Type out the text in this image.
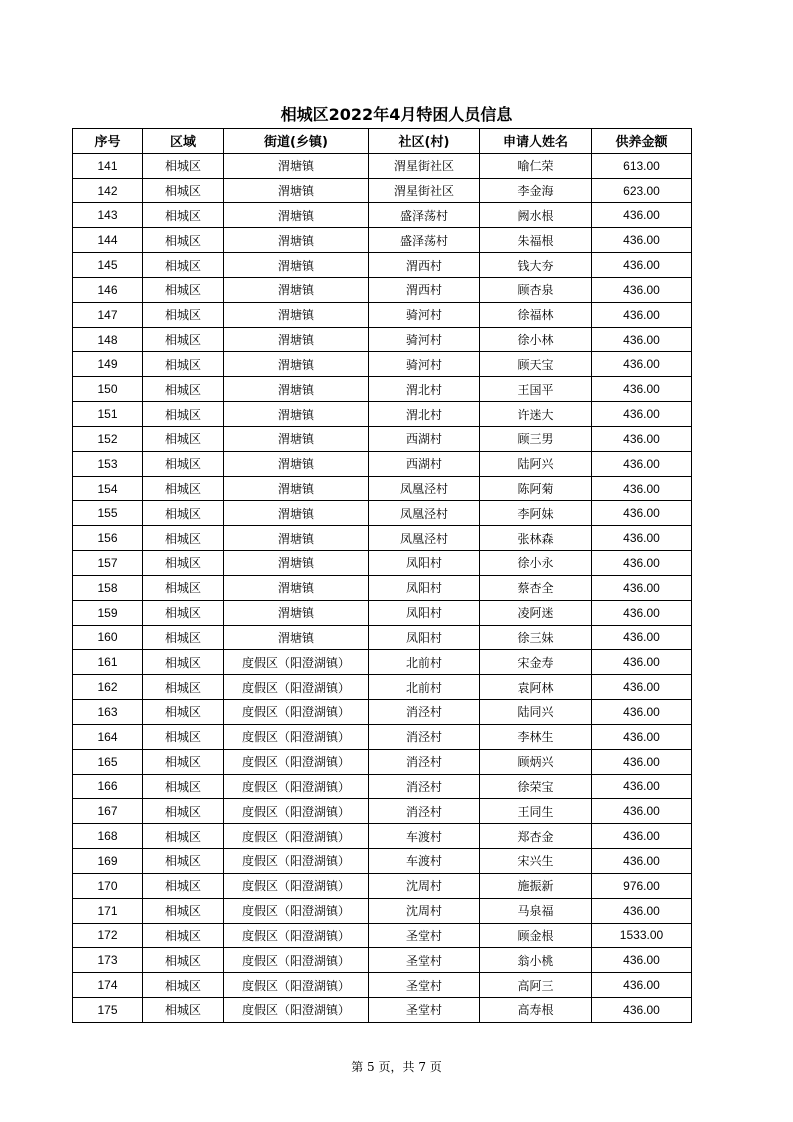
相城区2022年4月特困人员信息
序号	区域	街道(乡镇)	社区(村)	申请人姓名	供养金额
141	相城区	渭塘镇	渭星街社区	喻仁荣	613.00
142	相城区	渭塘镇	渭星街社区	李金海	623.00
143	相城区	渭塘镇	盛泽荡村	阙水根	436.00
144	相城区	渭塘镇	盛泽荡村	朱福根	436.00
145	相城区	渭塘镇	渭西村	钱大夯	436.00
146	相城区	渭塘镇	渭西村	顾杏泉	436.00
147	相城区	渭塘镇	骑河村	徐福林	436.00
148	相城区	渭塘镇	骑河村	徐小林	436.00
149	相城区	渭塘镇	骑河村	顾天宝	436.00
150	相城区	渭塘镇	渭北村	王国平	436.00
151	相城区	渭塘镇	渭北村	许迷大	436.00
152	相城区	渭塘镇	西湖村	顾三男	436.00
153	相城区	渭塘镇	西湖村	陆阿兴	436.00
154	相城区	渭塘镇	凤凰泾村	陈阿菊	436.00
155	相城区	渭塘镇	凤凰泾村	李阿妹	436.00
156	相城区	渭塘镇	凤凰泾村	张林森	436.00
157	相城区	渭塘镇	凤阳村	徐小永	436.00
158	相城区	渭塘镇	凤阳村	蔡杏全	436.00
159	相城区	渭塘镇	凤阳村	凌阿迷	436.00
160	相城区	渭塘镇	凤阳村	徐三妹	436.00
161	相城区	度假区（阳澄湖镇）	北前村	宋金寿	436.00
162	相城区	度假区（阳澄湖镇）	北前村	袁阿林	436.00
163	相城区	度假区（阳澄湖镇）	消泾村	陆同兴	436.00
164	相城区	度假区（阳澄湖镇）	消泾村	李林生	436.00
165	相城区	度假区（阳澄湖镇）	消泾村	顾炳兴	436.00
166	相城区	度假区（阳澄湖镇）	消泾村	徐荣宝	436.00
167	相城区	度假区（阳澄湖镇）	消泾村	王同生	436.00
168	相城区	度假区（阳澄湖镇）	车渡村	郑杏金	436.00
169	相城区	度假区（阳澄湖镇）	车渡村	宋兴生	436.00
170	相城区	度假区（阳澄湖镇）	沈周村	施振新	976.00
171	相城区	度假区（阳澄湖镇）	沈周村	马泉福	436.00
172	相城区	度假区（阳澄湖镇）	圣堂村	顾金根	1533.00
173	相城区	度假区（阳澄湖镇）	圣堂村	翁小桃	436.00
174	相城区	度假区（阳澄湖镇）	圣堂村	高阿三	436.00
175	相城区	度假区（阳澄湖镇）	圣堂村	高寿根	436.00
第 5 页，共 7 页
